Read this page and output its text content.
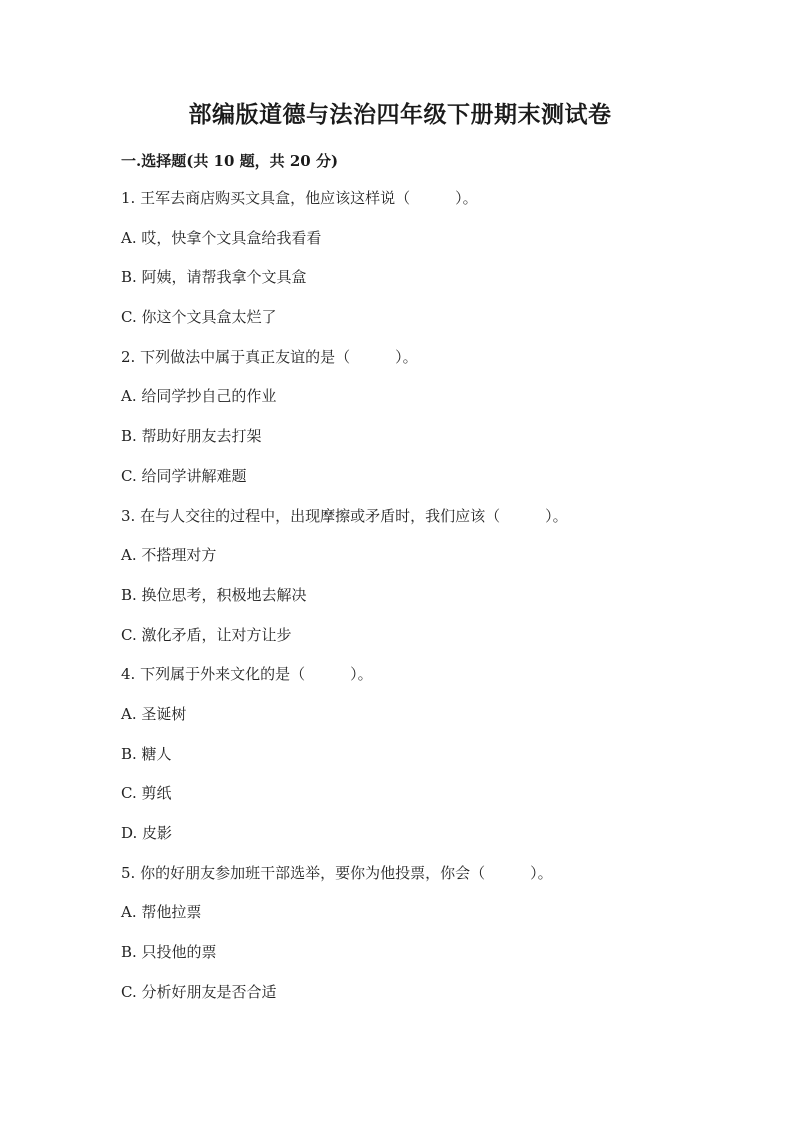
部编版道德与法治四年级下册期末测试卷
一.选择题(共 10 题，共 20 分)
1. 王军去商店购买文具盒，他应该这样说（　　　）。
A. 哎，快拿个文具盒给我看看
B. 阿姨，请帮我拿个文具盒
C. 你这个文具盒太烂了
2. 下列做法中属于真正友谊的是（　　　）。
A. 给同学抄自己的作业
B. 帮助好朋友去打架
C. 给同学讲解难题
3. 在与人交往的过程中，出现摩擦或矛盾时，我们应该（　　　）。
A. 不搭理对方
B. 换位思考，积极地去解决
C. 激化矛盾，让对方让步
4. 下列属于外来文化的是（　　　）。
A. 圣诞树
B. 糖人
C. 剪纸
D. 皮影
5. 你的好朋友参加班干部选举，要你为他投票，你会（　　　）。
A. 帮他拉票
B. 只投他的票
C. 分析好朋友是否合适
